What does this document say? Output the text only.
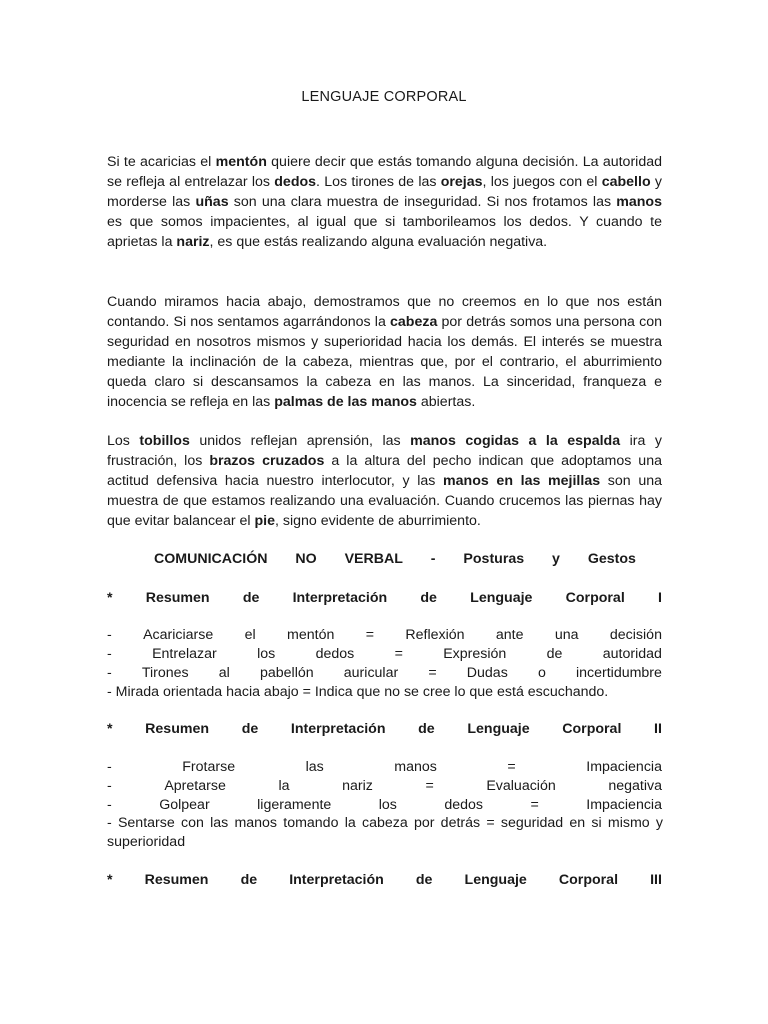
LENGUAJE CORPORAL

Si te acaricias el mentón quiere decir que estás tomando alguna decisión. La autoridad se refleja al entrelazar los dedos. Los tirones de las orejas, los juegos con el cabello y morderse las uñas son una clara muestra de inseguridad. Si nos frotamos las manos es que somos impacientes, al igual que si tamborileamos los dedos. Y cuando te aprietas la nariz, es que estás realizando alguna evaluación negativa.

Cuando miramos hacia abajo, demostramos que no creemos en lo que nos están contando. Si nos sentamos agarrándonos la cabeza por detrás somos una persona con seguridad en nosotros mismos y superioridad hacia los demás. El interés se muestra mediante la inclinación de la cabeza, mientras que, por el contrario, el aburrimiento queda claro si descansamos la cabeza en las manos. La sinceridad, franqueza e inocencia se refleja en las palmas de las manos abiertas.

Los tobillos unidos reflejan aprensión, las manos cogidas a la espalda ira y frustración, los brazos cruzados a la altura del pecho indican que adoptamos una actitud defensiva hacia nuestro interlocutor, y las manos en las mejillas son una muestra de que estamos realizando una evaluación. Cuando crucemos las piernas hay que evitar balancear el pie, signo evidente de aburrimiento.

COMUNICACIÓN NO VERBAL - Posturas y Gestos
* Resumen de Interpretación de Lenguaje Corporal I
- Acariciarse el mentón = Reflexión ante una decisión
-	Entrelazar	los	dedos	=	Expresión	de	autoridad
- Tirones al pabellón auricular = Dudas o incertidumbre
- Mirada orientada hacia abajo = Indica que no se cree lo que está escuchando.
* Resumen de Interpretación de Lenguaje Corporal II
-	Frotarse	las	manos	=	Impaciencia
-	Apretarse	la	nariz	=	Evaluación	negativa
-	Golpear	ligeramente	los	dedos	=	Impaciencia
- Sentarse con las manos tomando la cabeza por detrás = seguridad en si mismo y superioridad
* Resumen de Interpretación de Lenguaje Corporal III
